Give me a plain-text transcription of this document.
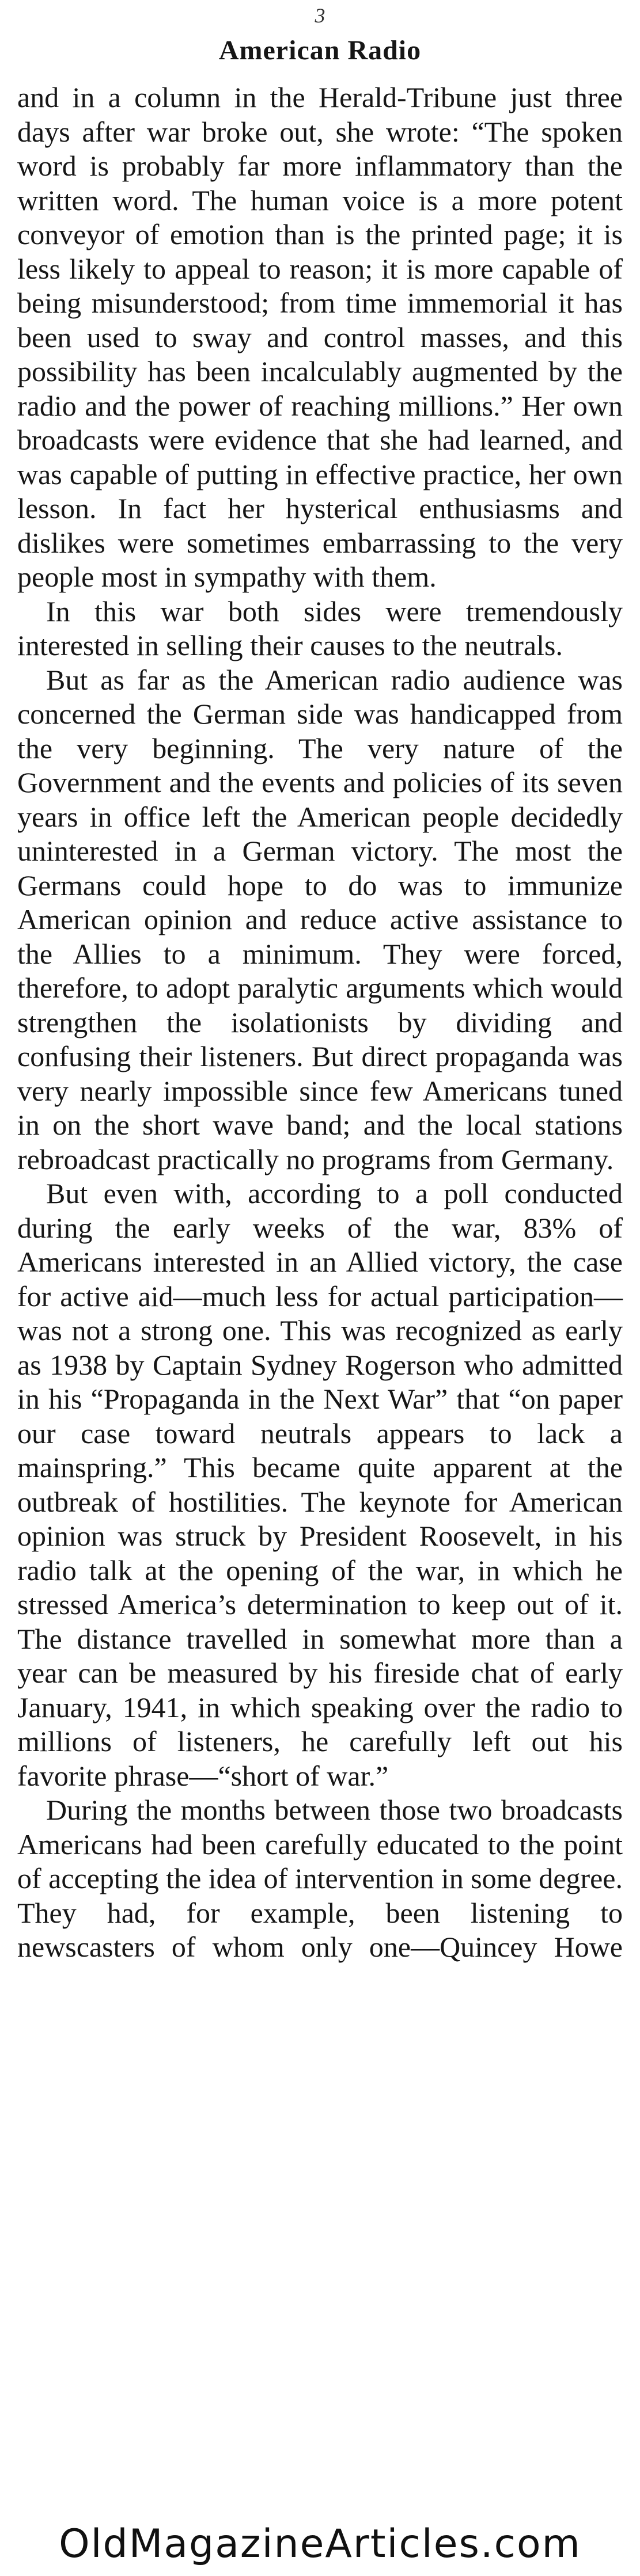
3
American Radio

and in a column in the Herald-Tribune just three days after war broke out, she wrote: “The spoken word is probably far more inflammatory than the written word. The human voice is a more potent conveyor of emotion than is the printed page; it is less likely to appeal to reason; it is more capable of being misunderstood; from time immemorial it has been used to sway and control masses, and this possibility has been incalculably augmented by the radio and the power of reaching millions.” Her own broadcasts were evidence that she had learned, and was capable of putting in effective practice, her own lesson. In fact her hysterical enthusiasms and dislikes were sometimes embarrassing to the very people most in sympathy with them.

In this war both sides were tremendously interested in selling their causes to the neutrals.

But as far as the American radio audience was concerned the German side was handicapped from the very beginning. The very nature of the Government and the events and policies of its seven years in office left the American people decidedly uninterested in a German victory. The most the Germans could hope to do was to immunize American opinion and reduce active assistance to the Allies to a minimum. They were forced, therefore, to adopt paralytic arguments which would strengthen the isolationists by dividing and confusing their listeners. But direct propaganda was very nearly impossible since few Americans tuned in on the short wave band; and the local stations rebroadcast practically no programs from Germany.

But even with, according to a poll conducted during the early weeks of the war, 83% of Americans interested in an Allied victory, the case for active aid—much less for actual participation—was not a strong one. This was recognized as early as 1938 by Captain Sydney Rogerson who admitted in his “Propaganda in the Next War” that “on paper our case toward neutrals appears to lack a mainspring.” This became quite apparent at the outbreak of hostilities. The keynote for American opinion was struck by President Roosevelt, in his radio talk at the opening of the war, in which he stressed America’s determination to keep out of it. The distance travelled in somewhat more than a year can be measured by his fireside chat of early January, 1941, in which speaking over the radio to millions of listeners, he carefully left out his favorite phrase—“short of war.”

During the months between those two broadcasts Americans had been carefully educated to the point of accepting the idea of intervention in some degree. They had, for example, been listening to newscasters of whom only one—Quincey Howe

OldMagazineArticles.com
